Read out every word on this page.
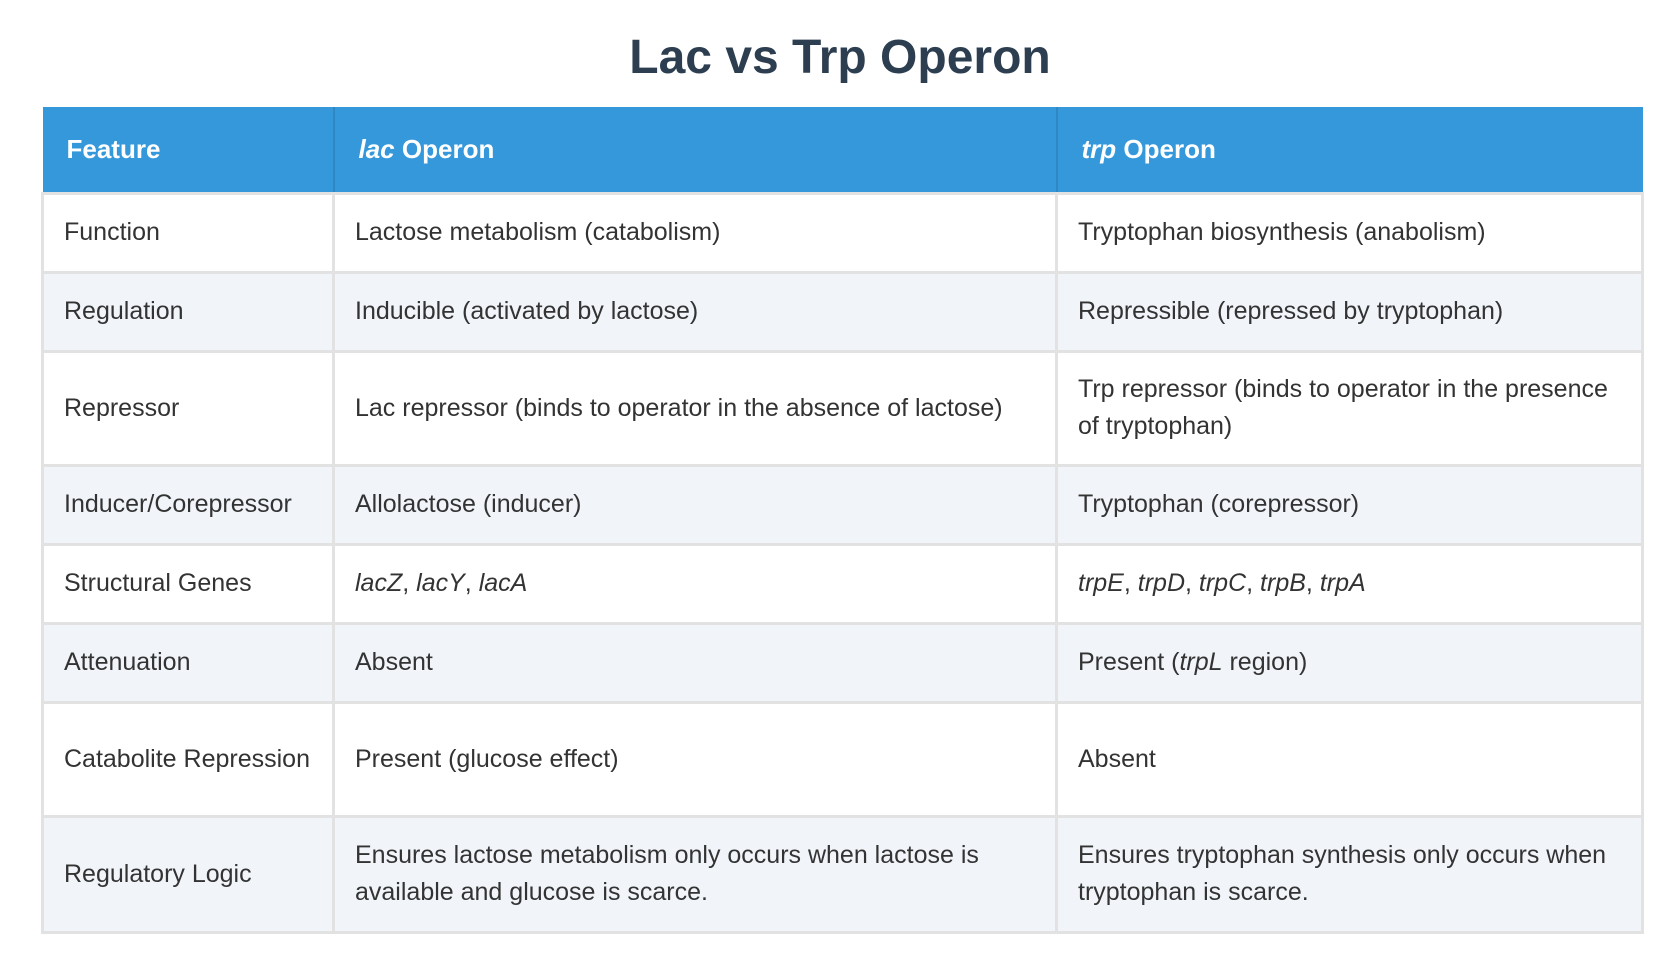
Lac vs Trp Operon
Feature	lac Operon	trp Operon
Function	Lactose metabolism (catabolism)	Tryptophan biosynthesis (anabolism)
Regulation	Inducible (activated by lactose)	Repressible (repressed by tryptophan)
Repressor	Lac repressor (binds to operator in the absence of lactose)	Trp repressor (binds to operator in the presence of tryptophan)
Inducer/Corepressor	Allolactose (inducer)	Tryptophan (corepressor)
Structural Genes	lacZ, lacY, lacA	trpE, trpD, trpC, trpB, trpA
Attenuation	Absent	Present (trpL region)
Catabolite Repression	Present (glucose effect)	Absent
Regulatory Logic	Ensures lactose metabolism only occurs when lactose is available and glucose is scarce.	Ensures tryptophan synthesis only occurs when tryptophan is scarce.
